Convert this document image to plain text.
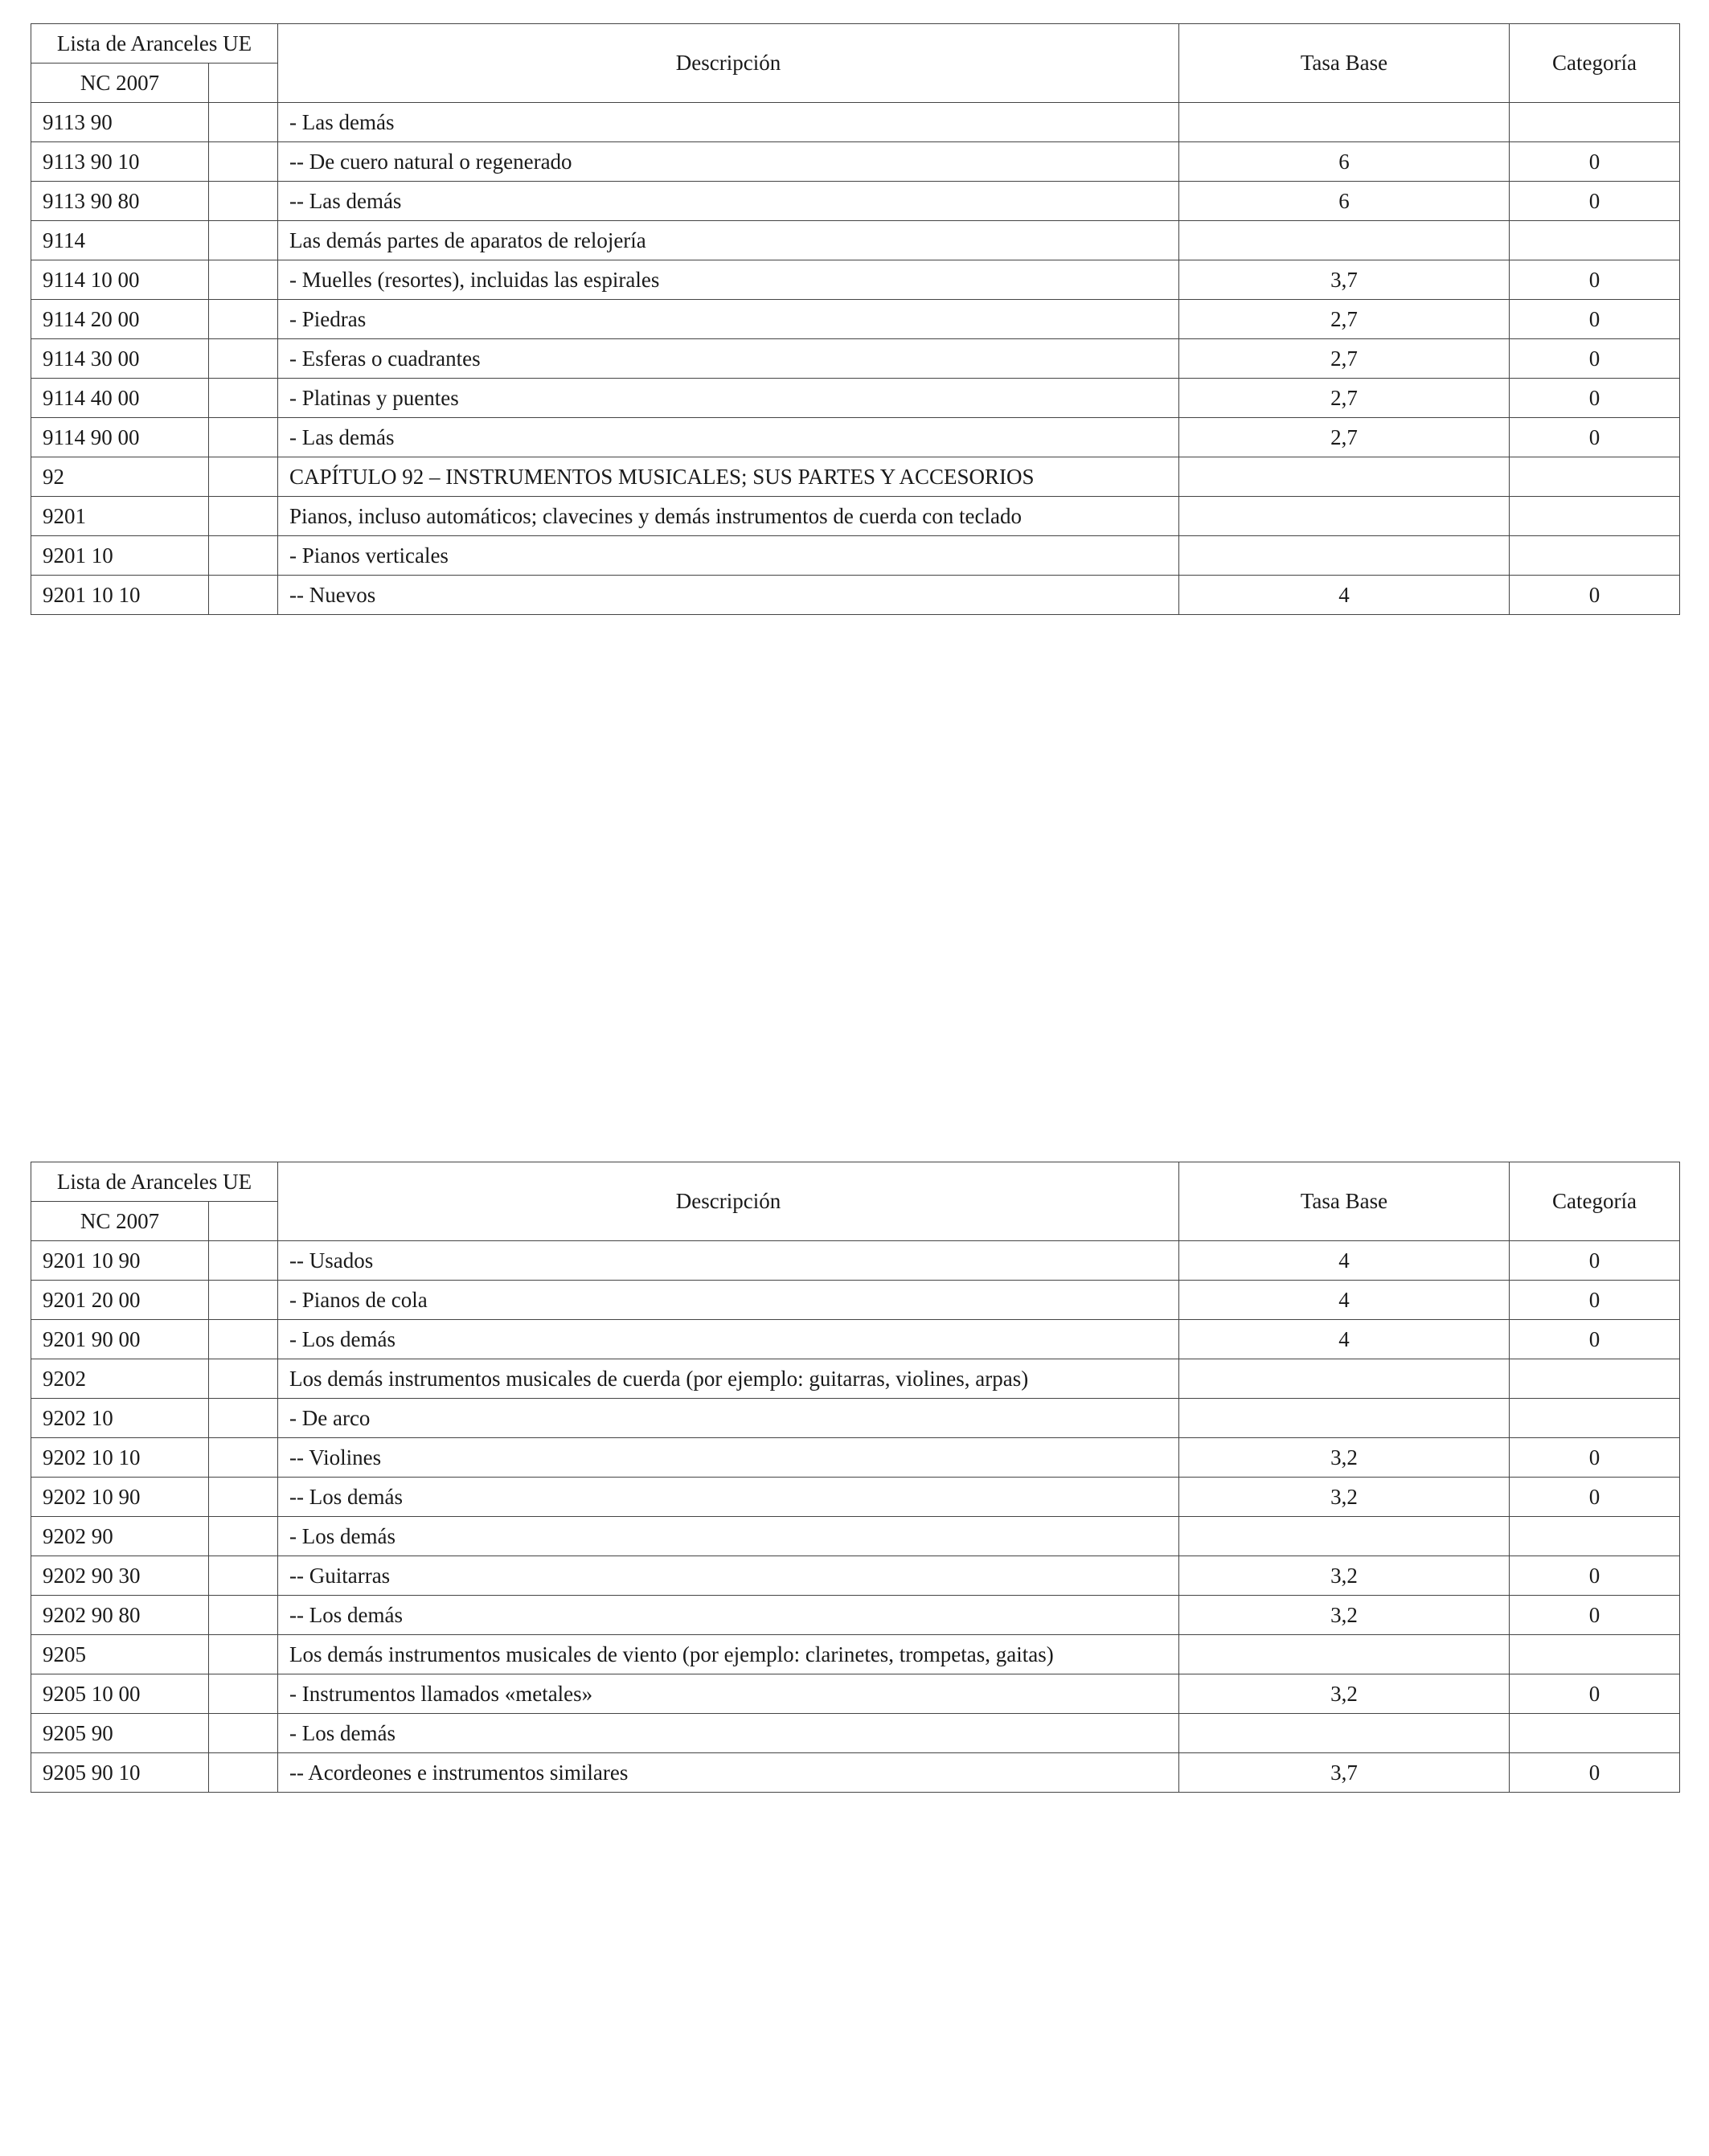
Lista de Aranceles UE		Descripción	Tasa Base	Categoría
NC 2007				
9113 90		- Las demás		
9113 90 10		-- De cuero natural o regenerado	6	0
9113 90 80		-- Las demás	6	0
9114		Las demás partes de aparatos de relojería		
9114 10 00		- Muelles (resortes), incluidas las espirales	3,7	0
9114 20 00		- Piedras	2,7	0
9114 30 00		- Esferas o cuadrantes	2,7	0
9114 40 00		- Platinas y puentes	2,7	0
9114 90 00		- Las demás	2,7	0
92		CAPÍTULO 92 – INSTRUMENTOS MUSICALES; SUS PARTES Y ACCESORIOS		
9201		Pianos, incluso automáticos; clavecines y demás instrumentos de cuerda con teclado		
9201 10		- Pianos verticales		
9201 10 10		-- Nuevos	4	0
Lista de Aranceles UE		Descripción	Tasa Base	Categoría
NC 2007				
9201 10 90		-- Usados	4	0
9201 20 00		- Pianos de cola	4	0
9201 90 00		- Los demás	4	0
9202		Los demás instrumentos musicales de cuerda (por ejemplo: guitarras, violines, arpas)		
9202 10		- De arco		
9202 10 10		-- Violines	3,2	0
9202 10 90		-- Los demás	3,2	0
9202 90		- Los demás		
9202 90 30		-- Guitarras	3,2	0
9202 90 80		-- Los demás	3,2	0
9205		Los demás instrumentos musicales de viento (por ejemplo: clarinetes, trompetas, gaitas)		
9205 10 00		- Instrumentos llamados «metales»	3,2	0
9205 90		- Los demás		
9205 90 10		-- Acordeones e instrumentos similares	3,7	0
